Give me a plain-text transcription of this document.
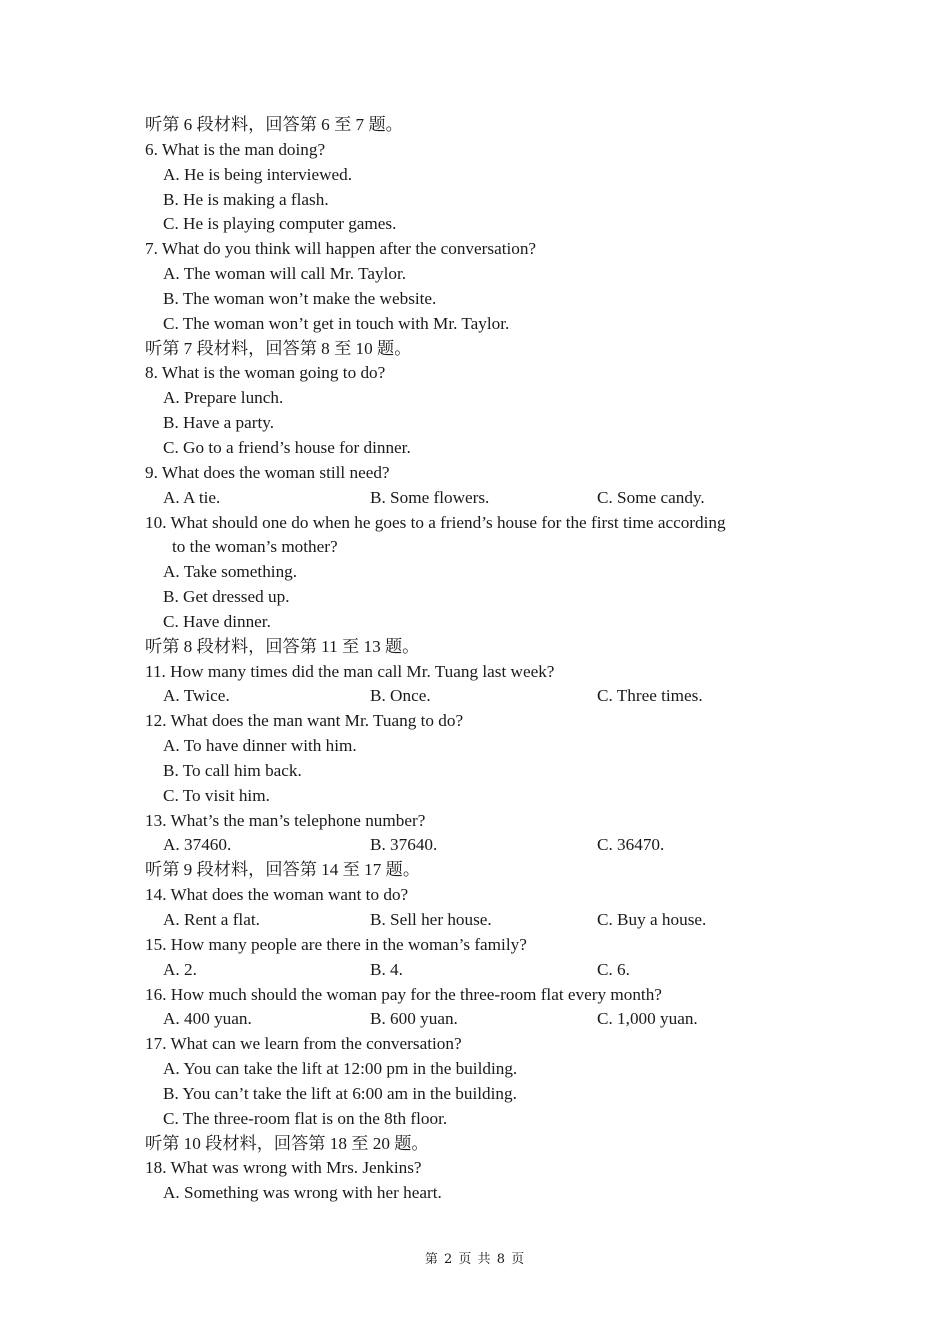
听第 6 段材料，回答第 6 至 7 题。
6. What is the man doing?
A. He is being interviewed.
B. He is making a flash.
C. He is playing computer games.
7. What do you think will happen after the conversation?
A. The woman will call Mr. Taylor.
B. The woman won’t make the website.
C. The woman won’t get in touch with Mr. Taylor.
听第 7 段材料，回答第 8 至 10 题。
8. What is the woman going to do?
A. Prepare lunch.
B. Have a party.
C. Go to a friend’s house for dinner.
9. What does the woman still need?
A. A tie.	B. Some flowers.	C. Some candy.
10. What should one do when he goes to a friend’s house for the first time according
to the woman’s mother?
A. Take something.
B. Get dressed up.
C. Have dinner.
听第 8 段材料，回答第 11 至 13 题。
11. How many times did the man call Mr. Tuang last week?
A. Twice.	B. Once.	C. Three times.
12. What does the man want Mr. Tuang to do?
A. To have dinner with him.
B. To call him back.
C. To visit him.
13. What’s the man’s telephone number?
A. 37460.	B. 37640.	C. 36470.
听第 9 段材料，回答第 14 至 17 题。
14. What does the woman want to do?
A. Rent a flat.	B. Sell her house.	C. Buy a house.
15. How many people are there in the woman’s family?
A. 2.	B. 4.	C. 6.
16. How much should the woman pay for the three-room flat every month?
A. 400 yuan.	B. 600 yuan.	C. 1,000 yuan.
17. What can we learn from the conversation?
A. You can take the lift at 12:00 pm in the building.
B. You can’t take the lift at 6:00 am in the building.
C. The three-room flat is on the 8th floor.
听第 10 段材料，回答第 18 至 20 题。
18. What was wrong with Mrs. Jenkins?
A. Something was wrong with her heart.
第 2 页 共 8 页
